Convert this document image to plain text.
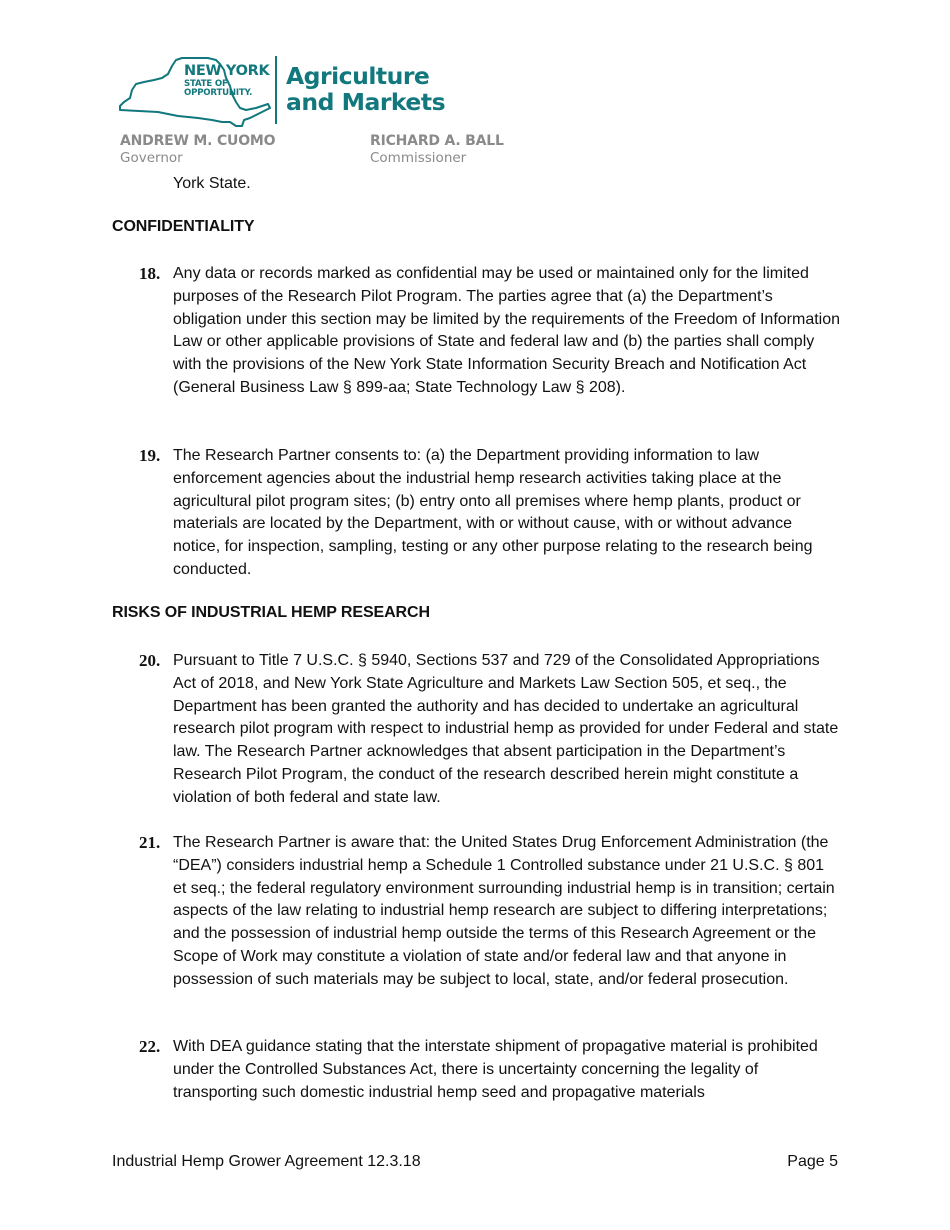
NEW YORK
STATE OF
OPPORTUNITY.
Agriculture
and Markets
ANDREW M. CUOMO
Governor
RICHARD A. BALL
Commissioner
York State.
CONFIDENTIALITY
18. Any data or records marked as confidential may be used or maintained only for the limited purposes of the Research Pilot Program. The parties agree that (a) the Department’s obligation under this section may be limited by the requirements of the Freedom of Information Law or other applicable provisions of State and federal law and (b) the parties shall comply with the provisions of the New York State Information Security Breach and Notification Act (General Business Law § 899-aa; State Technology Law § 208).
19. The Research Partner consents to: (a) the Department providing information to law enforcement agencies about the industrial hemp research activities taking place at the agricultural pilot program sites; (b) entry onto all premises where hemp plants, product or materials are located by the Department, with or without cause, with or without advance notice, for inspection, sampling, testing or any other purpose relating to the research being conducted.
RISKS OF INDUSTRIAL HEMP RESEARCH
20. Pursuant to Title 7 U.S.C. § 5940, Sections 537 and 729 of the Consolidated Appropriations Act of 2018, and New York State Agriculture and Markets Law Section 505, et seq., the Department has been granted the authority and has decided to undertake an agricultural research pilot program with respect to industrial hemp as provided for under Federal and state law. The Research Partner acknowledges that absent participation in the Department’s Research Pilot Program, the conduct of the research described herein might constitute a violation of both federal and state law.
21. The Research Partner is aware that: the United States Drug Enforcement Administration (the “DEA”) considers industrial hemp a Schedule 1 Controlled substance under 21 U.S.C. § 801 et seq.; the federal regulatory environment surrounding industrial hemp is in transition; certain aspects of the law relating to industrial hemp research are subject to differing interpretations; and the possession of industrial hemp outside the terms of this Research Agreement or the Scope of Work may constitute a violation of state and/or federal law and that anyone in possession of such materials may be subject to local, state, and/or federal prosecution.
22. With DEA guidance stating that the interstate shipment of propagative material is prohibited under the Controlled Substances Act, there is uncertainty concerning the legality of transporting such domestic industrial hemp seed and propagative materials
Industrial Hemp Grower Agreement 12.3.18	Page 5
